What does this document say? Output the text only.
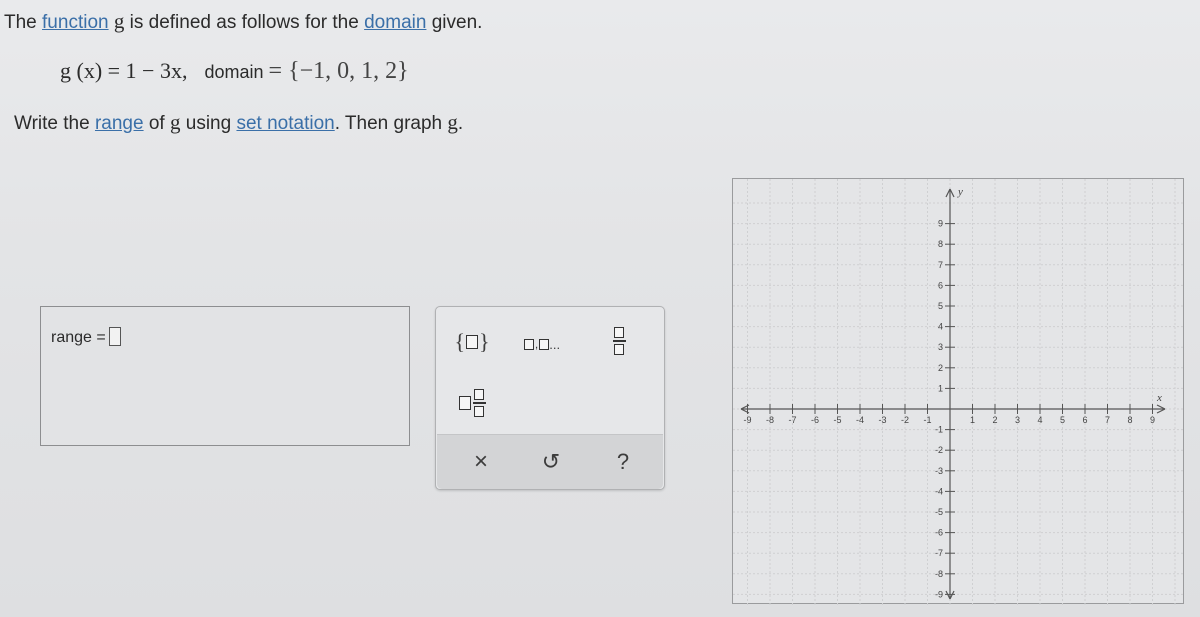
The function g is defined as follows for the domain given.
g (x) = 1 − 3x, domain = {−1, 0, 1, 2}
Write the range of g using set notation. Then graph g.
range =	{ }	, ...
× ↺	?
-9 -8 -7 -6 -5 -4 -3 -2 -1	1 2 3 4 5 6 7 8 9
9
8
7
6
5
4
3
2
1
-1
-2
-3
-4
-5
-6
-7
-8
-9
x
y
